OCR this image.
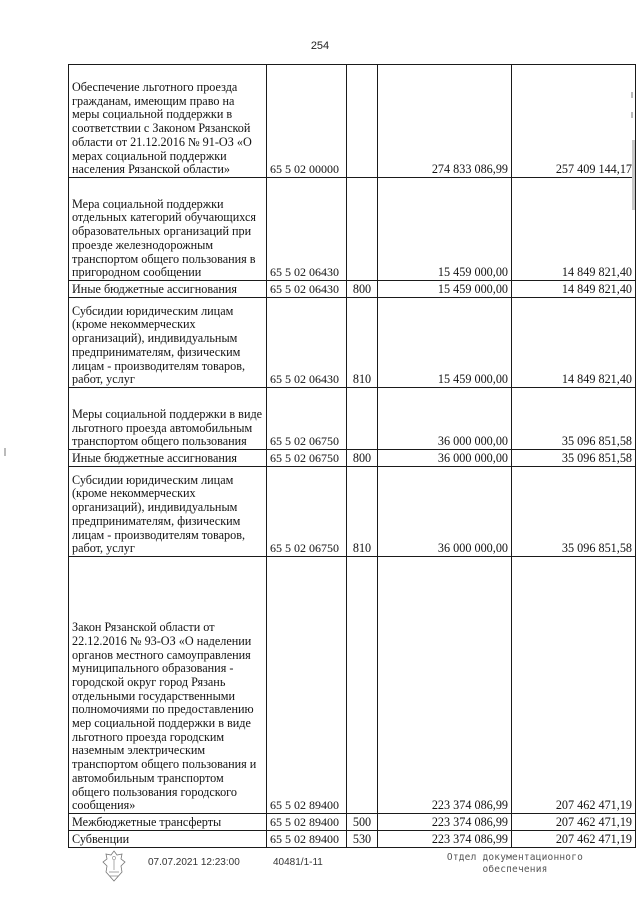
254
Обеспечение льготного проезда гражданам, имеющим право на меры социальной поддержки в соответствии с Законом Рязанской области от 21.12.2016 № 91-ОЗ «О мерах социальной поддержки населения Рязанской области»	65 5 02 00000		274 833 086,99	257 409 144,17
Мера социальной поддержки отдельных категорий обучающихся образовательных организаций при проезде железнодорожным транспортом общего пользования в пригородном сообщении	65 5 02 06430		15 459 000,00	14 849 821,40
Иные бюджетные ассигнования	65 5 02 06430	800	15 459 000,00	14 849 821,40
Субсидии юридическим лицам (кроме некоммерческих организаций), индивидуальным предпринимателям, физическим лицам - производителям товаров, работ, услуг	65 5 02 06430	810	15 459 000,00	14 849 821,40
Меры социальной поддержки в виде льготного проезда автомобильным транспортом общего пользования	65 5 02 06750		36 000 000,00	35 096 851,58
Иные бюджетные ассигнования	65 5 02 06750	800	36 000 000,00	35 096 851,58
Субсидии юридическим лицам (кроме некоммерческих организаций), индивидуальным предпринимателям, физическим лицам - производителям товаров, работ, услуг	65 5 02 06750	810	36 000 000,00	35 096 851,58
Закон Рязанской области от 22.12.2016 № 93-ОЗ «О наделении органов местного самоуправления муниципального образования - городской округ город Рязань отдельными государственными полномочиями по предоставлению мер социальной поддержки в виде льготного проезда городским наземным электрическим транспортом общего пользования и автомобильным транспортом общего пользования городского сообщения»	65 5 02 89400		223 374 086,99	207 462 471,19
Межбюджетные трансферты	65 5 02 89400	500	223 374 086,99	207 462 471,19
Субвенции	65 5 02 89400	530	223 374 086,99	207 462 471,19
07.07.2021 12:23:00	40481/1-11	Отдел документационного
обеспечения
